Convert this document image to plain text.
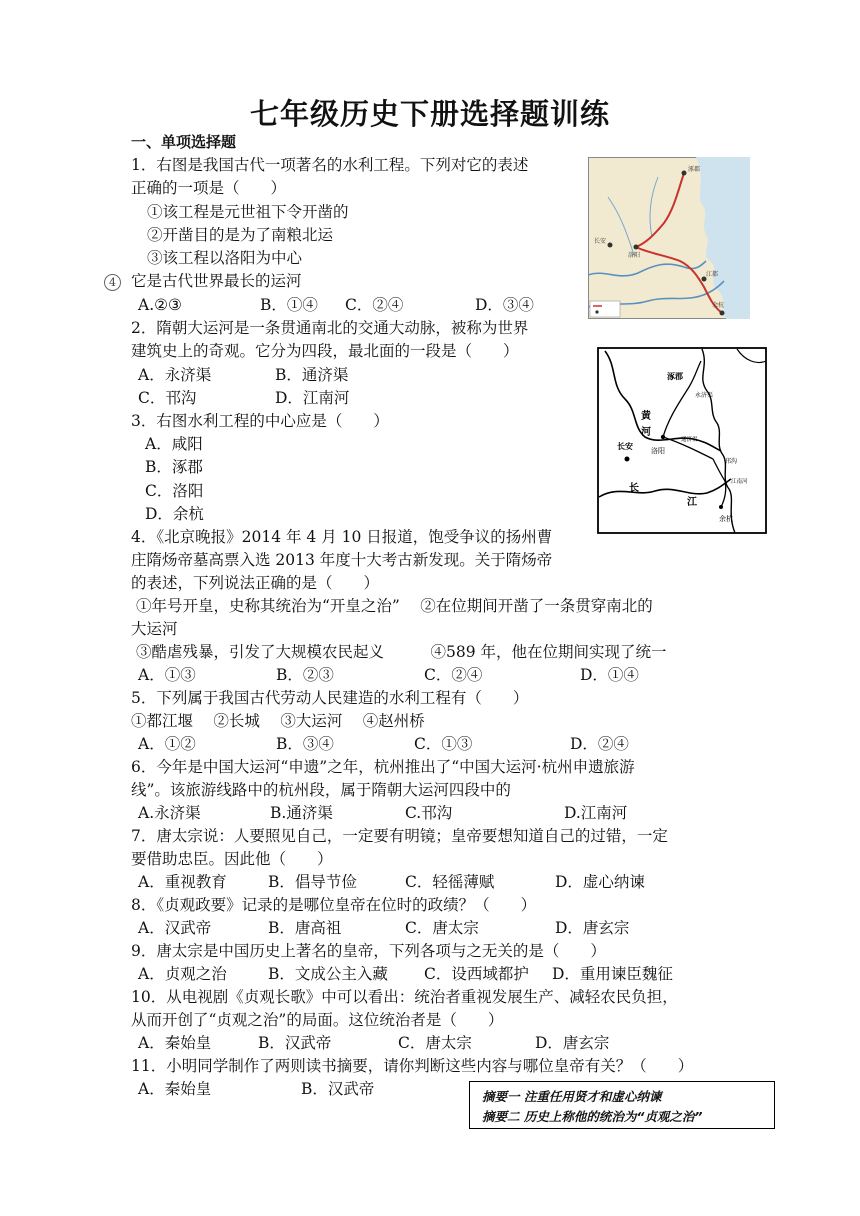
七年级历史下册选择题训练
一、单项选择题
1．右图是我国古代一项著名的水利工程。下列对它的表述
正确的一项是（　　）
①该工程是元世祖下令开凿的
②开凿目的是为了南粮北运
③该工程以洛阳为中心
4 它是古代世界最长的运河
A.②③	B．①④ C．②④	D．③④
2．隋朝大运河是一条贯通南北的交通大动脉，被称为世界
建筑史上的奇观。它分为四段，最北面的一段是（　　）
A．永济渠	B．通济渠
C．邗沟	D．江南河
3．右图水利工程的中心应是（　　）
A．咸阳
B．涿郡
C．洛阳
D．余杭
4．《北京晚报》2014 年 4 月 10 日报道，饱受争议的扬州曹
庄隋炀帝墓高票入选 2013 年度十大考古新发现。关于隋炀帝
的表述，下列说法正确的是（　　）
①年号开皇，史称其统治为“开皇之治”　 ②在位期间开凿了一条贯穿南北的
大运河
③酷虐残暴，引发了大规模农民起义　　　④589 年，他在位期间实现了统一
A．①③	B．②③	C．②④	D．①④
5．下列属于我国古代劳动人民建造的水利工程有（　　）
①都江堰　 ②长城　 ③大运河　 ④赵州桥
A．①②	B．③④	C．①③	D．②④
6．今年是中国大运河“申遗”之年，杭州推出了“中国大运河·杭州申遗旅游
线”。该旅游线路中的杭州段，属于隋朝大运河四段中的
A.永济渠	B.通济渠	C.邗沟	D.江南河
7．唐太宗说：人要照见自己，一定要有明镜；皇帝要想知道自己的过错，一定
要借助忠臣。因此他（　　）
A．重视教育	B．倡导节俭	C．轻徭薄赋	D．虚心纳谏
8．《贞观政要》记录的是哪位皇帝在位时的政绩？（　　）
A．汉武帝	B．唐高祖	C．唐太宗	D．唐玄宗
9．唐太宗是中国历史上著名的皇帝，下列各项与之无关的是（　　）
A．贞观之治	B．文成公主入藏 C．设西域都护 D．重用谏臣魏征
10．从电视剧《贞观长歌》中可以看出：统治者重视发展生产、减轻农民负担，
从而开创了“贞观之治”的局面。这位统治者是（　　）
A．秦始皇	B．汉武帝	C．唐太宗	D．唐玄宗
11．小明同学制作了两则读书摘要，请你判断这些内容与哪位皇帝有关？（　　）
A．秦始皇	B．汉武帝	摘要一 注重任用贤才和虚心纳谏
摘要二 历史上称他的统治为“贞观之治”
涿郡
长安
洛阳
江都
余杭
涿郡
永济渠
黄
河
长安	洛阳
通济渠
邗沟
江南河
长
江
余杭
